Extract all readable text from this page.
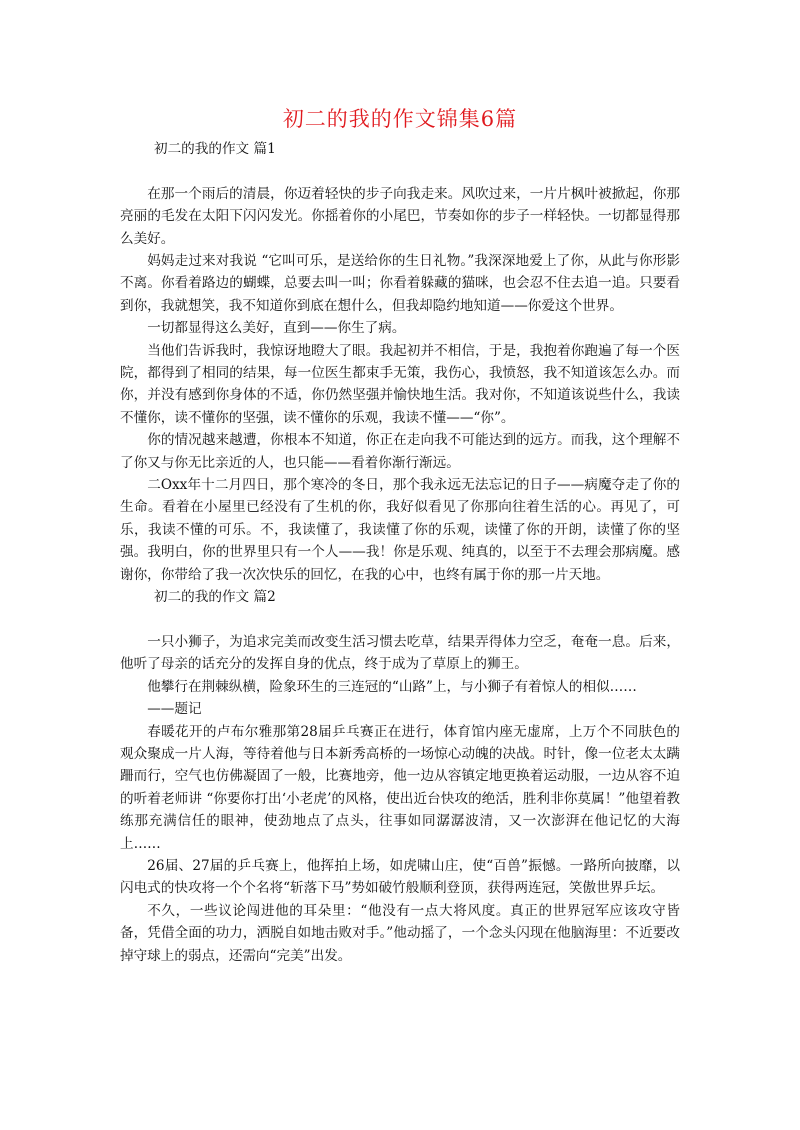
初二的我的作文锦集6篇

初二的我的作文 篇1

在那一个雨后的清晨，你迈着轻快的步子向我走来。风吹过来，一片片枫叶被掀起，你那亮丽的毛发在太阳下闪闪发光。你摇着你的小尾巴，节奏如你的步子一样轻快。一切都显得那么美好。

妈妈走过来对我说 “它叫可乐，是送给你的生日礼物。”我深深地爱上了你，从此与你形影不离。你看着路边的蝴蝶，总要去叫一叫；你看着躲藏的猫咪，也会忍不住去追一追。只要看到你，我就想笑，我不知道你到底在想什么，但我却隐约地知道——你爱这个世界。

一切都显得这么美好，直到——你生了病。

当他们告诉我时，我惊讶地瞪大了眼。我起初并不相信，于是，我抱着你跑遍了每一个医院，都得到了相同的结果，每一位医生都束手无策，我伤心，我愤怒，我不知道该怎么办。而你，并没有感到你身体的不适，你仍然坚强并愉快地生活。我对你，不知道该说些什么，我读不懂你，读不懂你的坚强，读不懂你的乐观，我读不懂——“你”。

你的情况越来越遭，你根本不知道，你正在走向我不可能达到的远方。而我，这个理解不了你又与你无比亲近的人，也只能——看着你渐行渐远。

二Oxx年十二月四日，那个寒冷的冬日，那个我永远无法忘记的日子——病魔夺走了你的生命。看着在小屋里已经没有了生机的你，我好似看见了你那向往着生活的心。再见了，可乐，我读不懂的可乐。不，我读懂了，我读懂了你的乐观，读懂了你的开朗，读懂了你的坚强。我明白，你的世界里只有一个人——我！你是乐观、纯真的，以至于不去理会那病魔。感谢你，你带给了我一次次快乐的回忆，在我的心中，也终有属于你的那一片天地。

初二的我的作文 篇2

一只小狮子，为追求完美而改变生活习惯去吃草，结果弄得体力空乏，奄奄一息。后来，他听了母亲的话充分的发挥自身的优点，终于成为了草原上的狮王。

他攀行在荆棘纵横，险象环生的三连冠的“山路”上，与小狮子有着惊人的相似……

——题记

春暖花开的卢布尔雅那第28届乒乓赛正在进行，体育馆内座无虚席，上万个不同肤色的观众聚成一片人海，等待着他与日本新秀高桥的一场惊心动魄的决战。时针，像一位老太太蹒跚而行，空气也仿佛凝固了一般，比赛地旁，他一边从容镇定地更换着运动服，一边从容不迫的听着老师讲 “你要你打出‘小老虎’的风格，使出近台快攻的绝活，胜利非你莫属！”他望着教练那充满信任的眼神，使劲地点了点头，往事如同潺潺波清，又一次澎湃在他记忆的大海上……

26届、27届的乒乓赛上，他挥拍上场，如虎啸山庄，使“百兽”振憾。一路所向披靡，以闪电式的快攻将一个个名将“斩落下马”势如破竹般顺利登顶，获得两连冠，笑傲世界乒坛。

不久，一些议论闯进他的耳朵里：“他没有一点大将风度。真正的世界冠军应该攻守皆备，凭借全面的功力，洒脱自如地击败对手。”他动摇了，一个念头闪现在他脑海里：不近要改掉守球上的弱点，还需向“完美”出发。
